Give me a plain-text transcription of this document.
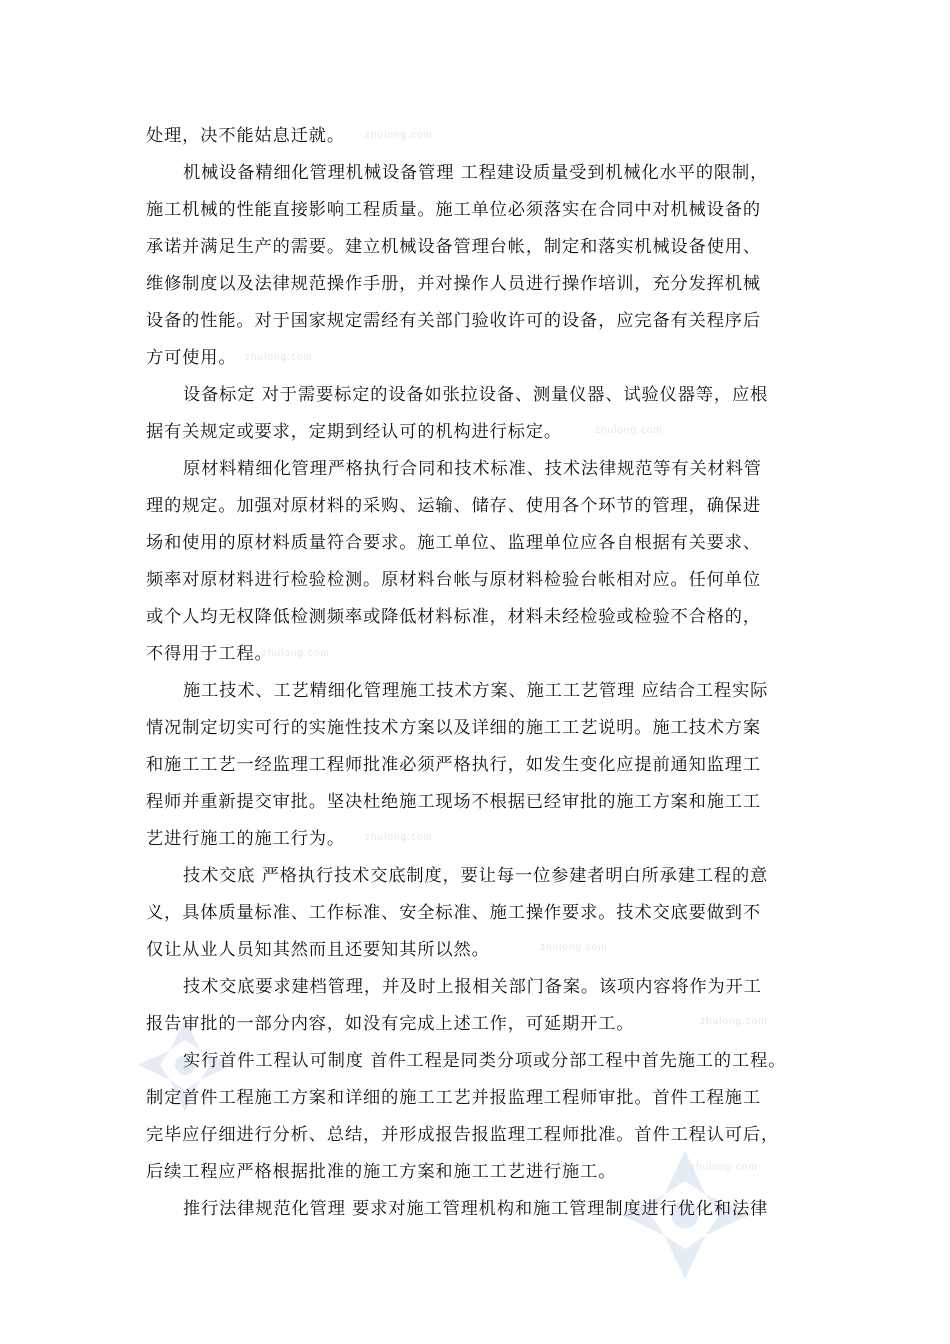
zhulong.com
zhulong.com
zhulong.com
zhulong.com
zhulong.com
zhulong.com
zhulong.com
zhulong.com
处理，决不能姑息迁就。
机械设备精细化管理机械设备管理 工程建设质量受到机械化水平的限制，
施工机械的性能直接影响工程质量。施工单位必须落实在合同中对机械设备的
承诺并满足生产的需要。建立机械设备管理台帐，制定和落实机械设备使用、
维修制度以及法律规范操作手册，并对操作人员进行操作培训，充分发挥机械
设备的性能。对于国家规定需经有关部门验收许可的设备，应完备有关程序后
方可使用。
设备标定 对于需要标定的设备如张拉设备、测量仪器、试验仪器等，应根
据有关规定或要求，定期到经认可的机构进行标定。
原材料精细化管理严格执行合同和技术标准、技术法律规范等有关材料管
理的规定。加强对原材料的采购、运输、储存、使用各个环节的管理，确保进
场和使用的原材料质量符合要求。施工单位、监理单位应各自根据有关要求、
频率对原材料进行检验检测。原材料台帐与原材料检验台帐相对应。任何单位
或个人均无权降低检测频率或降低材料标准，材料未经检验或检验不合格的，
不得用于工程。
施工技术、工艺精细化管理施工技术方案、施工工艺管理 应结合工程实际
情况制定切实可行的实施性技术方案以及详细的施工工艺说明。施工技术方案
和施工工艺一经监理工程师批准必须严格执行，如发生变化应提前通知监理工
程师并重新提交审批。坚决杜绝施工现场不根据已经审批的施工方案和施工工
艺进行施工的施工行为。
技术交底 严格执行技术交底制度，要让每一位参建者明白所承建工程的意
义，具体质量标准、工作标准、安全标准、施工操作要求。技术交底要做到不
仅让从业人员知其然而且还要知其所以然。
技术交底要求建档管理，并及时上报相关部门备案。该项内容将作为开工
报告审批的一部分内容，如没有完成上述工作，可延期开工。
实行首件工程认可制度 首件工程是同类分项或分部工程中首先施工的工程。
制定首件工程施工方案和详细的施工工艺并报监理工程师审批。首件工程施工
完毕应仔细进行分析、总结，并形成报告报监理工程师批准。首件工程认可后，
后续工程应严格根据批准的施工方案和施工工艺进行施工。
推行法律规范化管理 要求对施工管理机构和施工管理制度进行优化和法律
